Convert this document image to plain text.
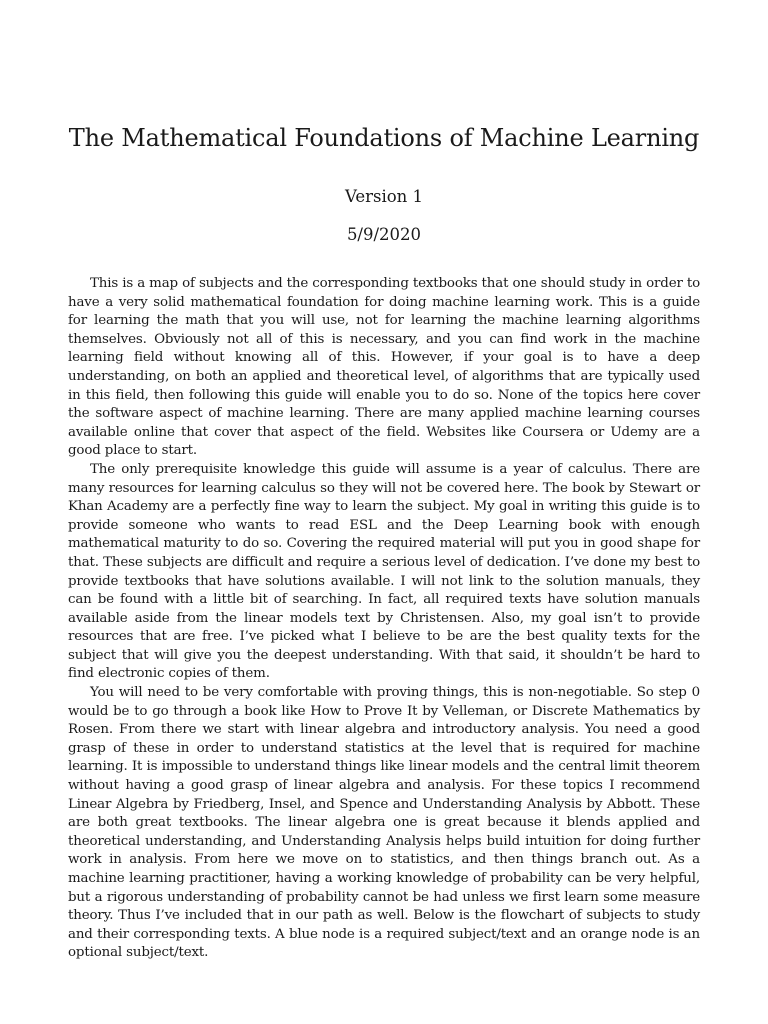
The Mathematical Foundations of Machine Learning
Version 1
5/9/2020

This is a map of subjects and the corresponding textbooks that one should study in order to have a very solid mathematical foundation for doing machine learning work. This is a guide for learning the math that you will use, not for learning the machine learning algorithms themselves. Obviously not all of this is necessary, and you can find work in the machine learning field without knowing all of this. However, if your goal is to have a deep understanding, on both an applied and theoretical level, of algorithms that are typically used in this field, then following this guide will enable you to do so. None of the topics here cover the software aspect of machine learning. There are many applied machine learning courses available online that cover that aspect of the field. Websites like Coursera or Udemy are a good place to start.

The only prerequisite knowledge this guide will assume is a year of calculus. There are many resources for learning calculus so they will not be covered here. The book by Stewart or Khan Academy are a perfectly fine way to learn the subject. My goal in writing this guide is to provide someone who wants to read ESL and the Deep Learning book with enough mathematical maturity to do so. Covering the required material will put you in good shape for that. These subjects are difficult and require a serious level of dedication. I’ve done my best to provide textbooks that have solutions available. I will not link to the solution manuals, they can be found with a little bit of searching. In fact, all required texts have solution manuals available aside from the linear models text by Christensen. Also, my goal isn’t to provide resources that are free. I’ve picked what I believe to be are the best quality texts for the subject that will give you the deepest understanding. With that said, it shouldn’t be hard to find electronic copies of them.

You will need to be very comfortable with proving things, this is non-negotiable. So step 0 would be to go through a book like How to Prove It by Velleman, or Discrete Mathematics by Rosen. From there we start with linear algebra and introductory analysis. You need a good grasp of these in order to understand statistics at the level that is required for machine learning. It is impossible to understand things like linear models and the central limit theorem without having a good grasp of linear algebra and analysis. For these topics I recommend Linear Algebra by Friedberg, Insel, and Spence and Understanding Analysis by Abbott. These are both great textbooks. The linear algebra one is great because it blends applied and theoretical understanding, and Understanding Analysis helps build intuition for doing further work in analysis. From here we move on to statistics, and then things branch out. As a machine learning practitioner, having a working knowledge of probability can be very helpful, but a rigorous understanding of probability cannot be had unless we first learn some measure theory. Thus I’ve included that in our path as well. Below is the flowchart of subjects to study and their corresponding texts. A blue node is a required subject/text and an orange node is an optional subject/text.
